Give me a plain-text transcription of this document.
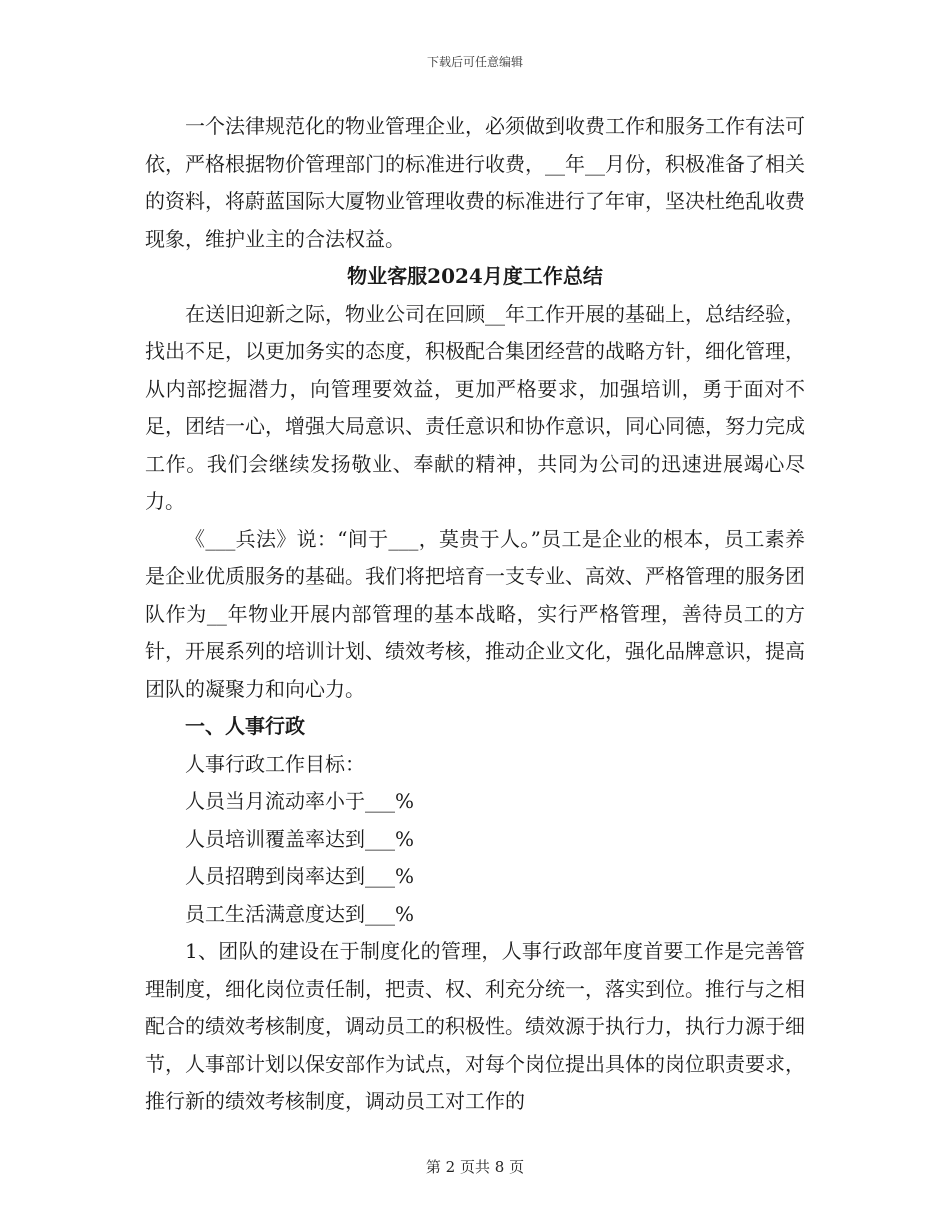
下载后可任意编辑

一个法律规范化的物业管理企业，必须做到收费工作和服务工作有法可依，严格根据物价管理部门的标准进行收费，__年__月份，积极准备了相关的资料，将蔚蓝国际大厦物业管理收费的标准进行了年审，坚决杜绝乱收费现象，维护业主的合法权益。

物业客服2024月度工作总结

在送旧迎新之际，物业公司在回顾__年工作开展的基础上，总结经验，找出不足，以更加务实的态度，积极配合集团经营的战略方针，细化管理，从内部挖掘潜力，向管理要效益，更加严格要求，加强培训，勇于面对不足，团结一心，增强大局意识、责任意识和协作意识，同心同德，努力完成工作。我们会继续发扬敬业、奉献的精神，共同为公司的迅速进展竭心尽力。

《___兵法》说：“间于___，莫贵于人。”员工是企业的根本，员工素养是企业优质服务的基础。我们将把培育一支专业、高效、严格管理的服务团队作为__年物业开展内部管理的基本战略，实行严格管理，善待员工的方针，开展系列的培训计划、绩效考核，推动企业文化，强化品牌意识，提高团队的凝聚力和向心力。

一、人事行政

人事行政工作目标：

人员当月流动率小于___%

人员培训覆盖率达到___%

人员招聘到岗率达到___%

员工生活满意度达到___%

1、团队的建设在于制度化的管理，人事行政部年度首要工作是完善管理制度，细化岗位责任制，把责、权、利充分统一，落实到位。推行与之相配合的绩效考核制度，调动员工的积极性。绩效源于执行力，执行力源于细节，人事部计划以保安部作为试点，对每个岗位提出具体的岗位职责要求，推行新的绩效考核制度，调动员工对工作的

第 2 页共 8 页
